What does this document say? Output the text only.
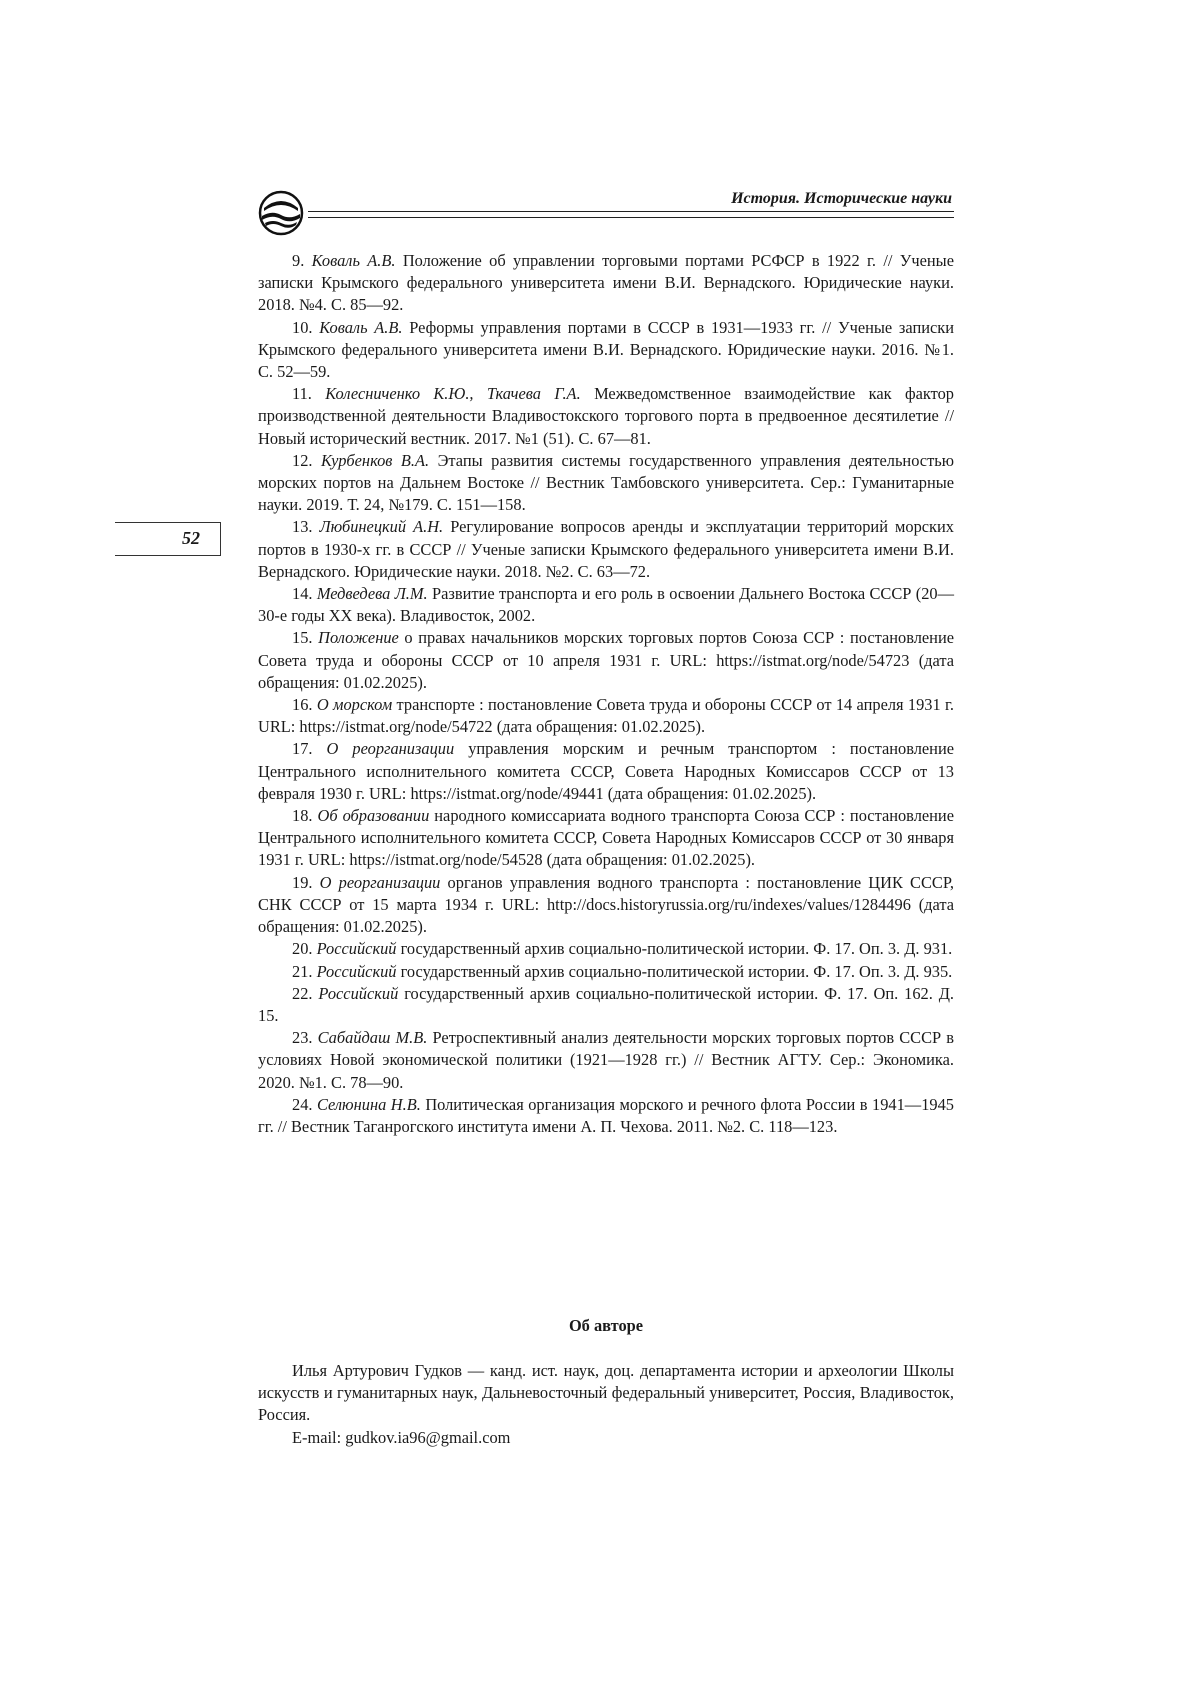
История. Исторические науки
52

9. Коваль А.В. Положение об управлении торговыми портами РСФСР в 1922 г. // Ученые записки Крымского федерального университета имени В.И. Вернадского. Юридические науки. 2018. №4. С. 85—92.

10. Коваль А.В. Реформы управления портами в СССР в 1931—1933 гг. // Ученые записки Крымского федерального университета имени В.И. Вернадского. Юридические науки. 2016. №1. С. 52—59.

11. Колесниченко К.Ю., Ткачева Г.А. Межведомственное взаимодействие как фактор производственной деятельности Владивостокского торгового порта в предвоенное десятилетие // Новый исторический вестник. 2017. №1 (51). С. 67—81.

12. Курбенков В.А. Этапы развития системы государственного управления деятельностью морских портов на Дальнем Востоке // Вестник Тамбовского университета. Сер.: Гуманитарные науки. 2019. Т. 24, №179. С. 151—158.

13. Любинецкий А.Н. Регулирование вопросов аренды и эксплуатации территорий морских портов в 1930-х гг. в СССР // Ученые записки Крымского федерального университета имени В.И. Вернадского. Юридические науки. 2018. №2. С. 63—72.

14. Медведева Л.М. Развитие транспорта и его роль в освоении Дальнего Востока СССР (20—30-е годы XX века). Владивосток, 2002.

15. Положение о правах начальников морских торговых портов Союза ССР : постановление Совета труда и обороны СССР от 10 апреля 1931 г. URL: https://istmat.org/node/54723 (дата обращения: 01.02.2025).

16. О морском транспорте : постановление Совета труда и обороны СССР от 14 апреля 1931 г. URL: https://istmat.org/node/54722 (дата обращения: 01.02.2025).

17. О реорганизации управления морским и речным транспортом : постановление Центрального исполнительного комитета СССР, Совета Народных Комиссаров СССР от 13 февраля 1930 г. URL: https://istmat.org/node/49441 (дата обращения: 01.02.2025).

18. Об образовании народного комиссариата водного транспорта Союза ССР : постановление Центрального исполнительного комитета СССР, Совета Народных Комиссаров СССР от 30 января 1931 г. URL: https://istmat.org/node/54528 (дата обращения: 01.02.2025).

19. О реорганизации органов управления водного транспорта : постановление ЦИК СССР, СНК СССР от 15 марта 1934 г. URL: http://docs.historyrussia.org/ru/indexes/values/1284496 (дата обращения: 01.02.2025).

20. Российский государственный архив социально-политической истории. Ф. 17. Оп. 3. Д. 931.

21. Российский государственный архив социально-политической истории. Ф. 17. Оп. 3. Д. 935.

22. Российский государственный архив социально-политической истории. Ф. 17. Оп. 162. Д. 15.

23. Сабайдаш М.В. Ретроспективный анализ деятельности морских торговых портов СССР в условиях Новой экономической политики (1921—1928 гг.) // Вестник АГТУ. Сер.: Экономика. 2020. №1. С. 78—90.

24. Селюнина Н.В. Политическая организация морского и речного флота России в 1941—1945 гг. // Вестник Таганрогского института имени А. П. Чехова. 2011. №2. С. 118—123.

Об авторе

Илья Артурович Гудков — канд. ист. наук, доц. департамента истории и археологии Школы искусств и гуманитарных наук, Дальневосточный федеральный университет, Россия, Владивосток, Россия.

E-mail: gudkov.ia96@gmail.com
